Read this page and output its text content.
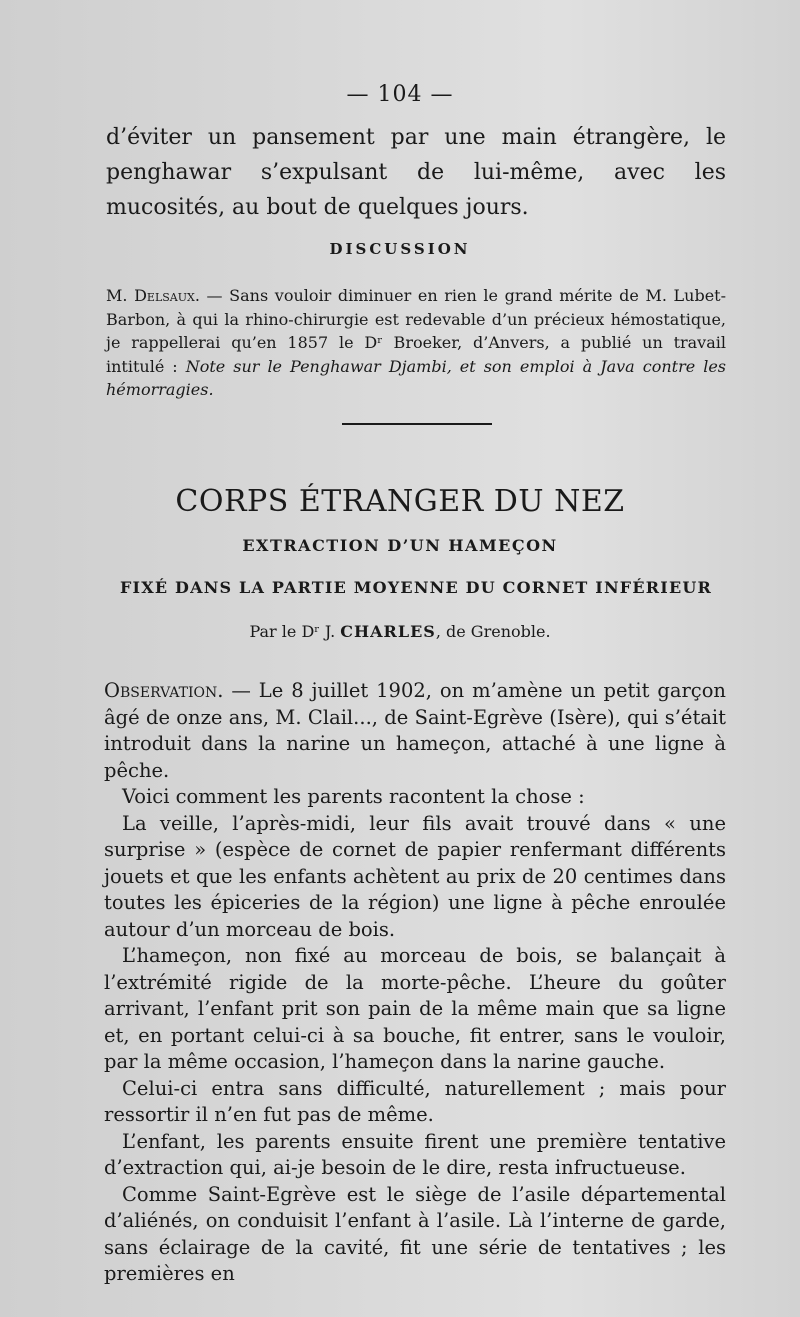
— 104 —
d’éviter un pansement par une main étrangère, le penghawar s’expulsant de lui-même, avec les mucosités, au bout de quelques jours.
DISCUSSION
M. Delsaux. — Sans vouloir diminuer en rien le grand mérite de M. Lubet-Barbon, à qui la rhino-chirurgie est redevable d’un précieux hémostatique, je rappellerai qu’en 1857 le Dʳ Broeker, d’Anvers, a publié un travail intitulé : Note sur le Penghawar Djambi, et son emploi à Java contre les hémorragies.
CORPS ÉTRANGER DU NEZ
EXTRACTION D’UN HAMEÇON
FIXÉ DANS LA PARTIE MOYENNE DU CORNET INFÉRIEUR
Par le Dʳ J. CHARLES, de Grenoble.

Observation. — Le 8 juillet 1902, on m’amène un petit garçon âgé de onze ans, M. Clail..., de Saint-Egrève (Isère), qui s’était introduit dans la narine un hameçon, attaché à une ligne à pêche.

Voici comment les parents racontent la chose :

La veille, l’après-midi, leur fils avait trouvé dans « une surprise » (espèce de cornet de papier renfermant différents jouets et que les enfants achètent au prix de 20 centimes dans toutes les épiceries de la région) une ligne à pêche enroulée autour d’un morceau de bois.

L’hameçon, non fixé au morceau de bois, se balançait à l’extrémité rigide de la morte-pêche. L’heure du goûter arrivant, l’enfant prit son pain de la même main que sa ligne et, en portant celui-ci à sa bouche, fit entrer, sans le vouloir, par la même occasion, l’hameçon dans la narine gauche.

Celui-ci entra sans difficulté, naturellement ; mais pour ressortir il n’en fut pas de même.

L’enfant, les parents ensuite firent une première tentative d’extraction qui, ai-je besoin de le dire, resta infructueuse.

Comme Saint-Egrève est le siège de l’asile départemental d’aliénés, on conduisit l’enfant à l’asile. Là l’interne de garde, sans éclairage de la cavité, fit une série de tentatives ; les premières en
